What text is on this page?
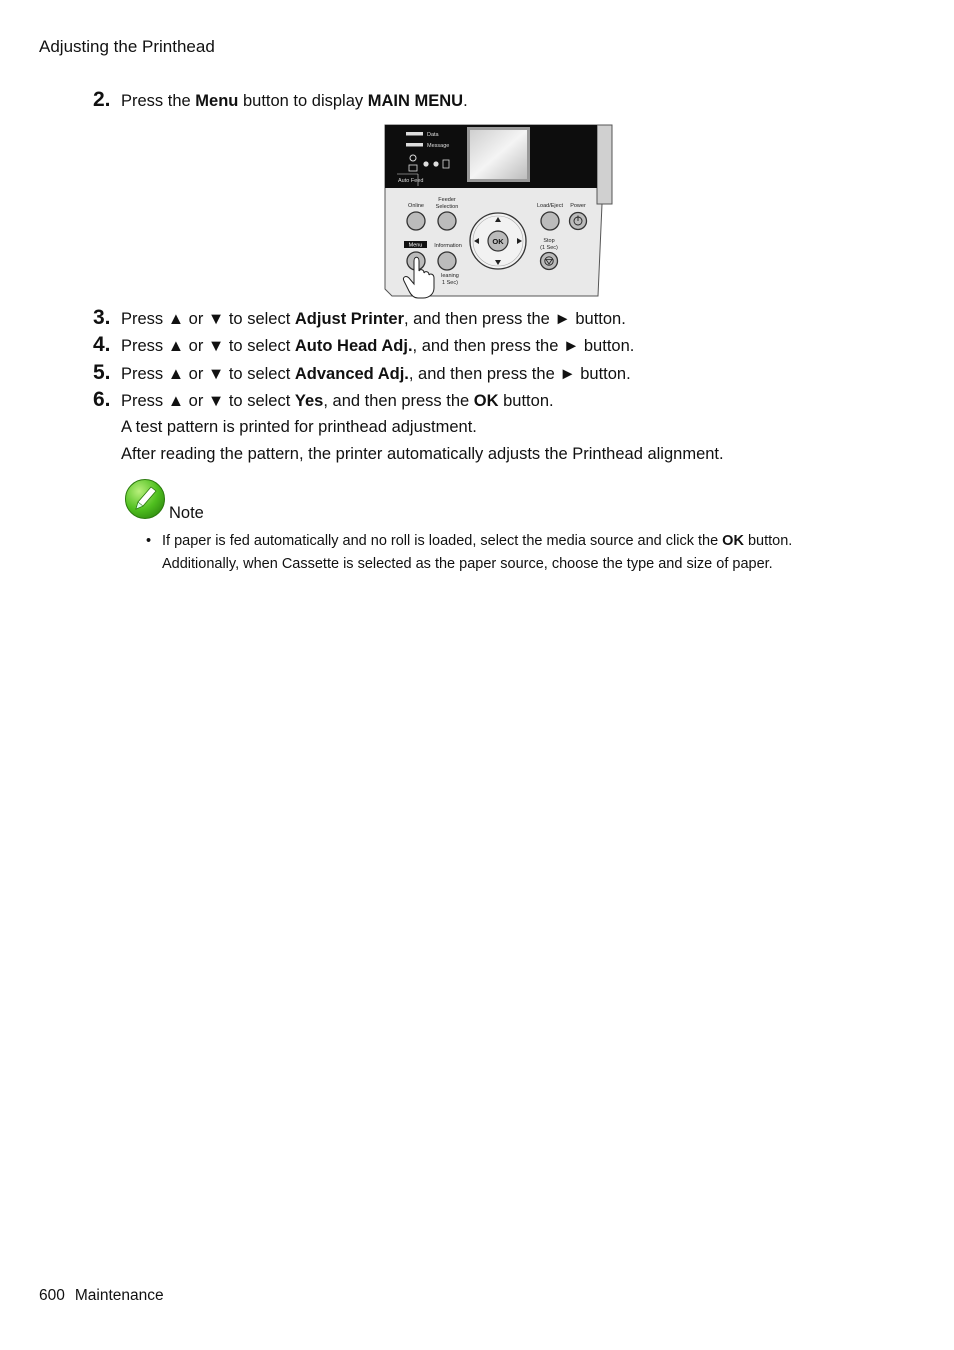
Adjusting the Printhead
2. Press the Menu button to display MAIN MENU.
Data
Message
Auto Feed
Online
Feeder
Selection	Load/Eject Power
Menu Information
Stop
(1 Sec)
leaning
1 Sec)
OK
3. Press ▲ or ▼ to select Adjust Printer, and then press the ► button.
4. Press ▲ or ▼ to select Auto Head Adj., and then press the ► button.
5. Press ▲ or ▼ to select Advanced Adj., and then press the ► button.
6. Press ▲ or ▼ to select Yes, and then press the OK button.
A test pattern is printed for printhead adjustment.
After reading the pattern, the printer automatically adjusts the Printhead alignment.
Note
• If paper is fed automatically and no roll is loaded, select the media source and click the OK button.
Additionally, when Cassette is selected as the paper source, choose the type and size of paper.
600 Maintenance
